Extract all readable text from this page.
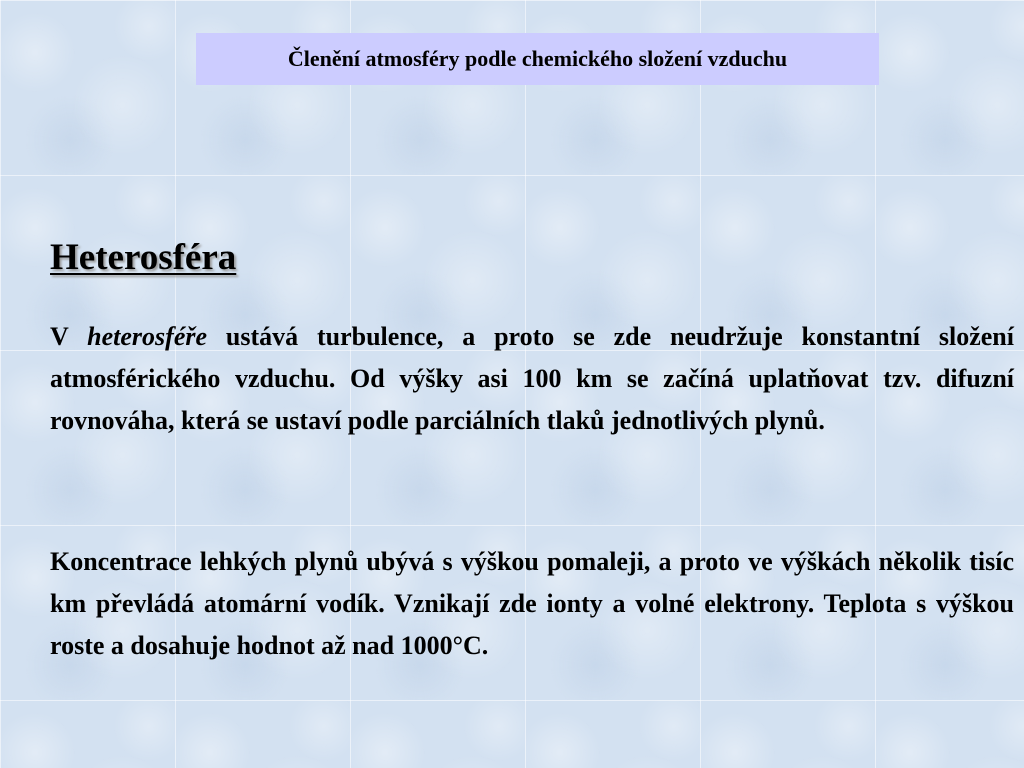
Členění atmosféry podle chemického složení vzduchu
Heterosféra

V heterosféře ustává turbulence, a proto se zde neudržuje konstantní složení atmosférického vzduchu. Od výšky asi 100 km se začíná uplatňovat tzv. difuzní rovnováha, která se ustaví podle parciálních tlaků jednotlivých plynů.

Koncentrace lehkých plynů ubývá s výškou pomaleji, a proto ve výškách několik tisíc km převládá atomární vodík. Vznikají zde ionty a volné elektrony. Teplota s výškou roste a dosahuje hodnot až nad 1000°C.
